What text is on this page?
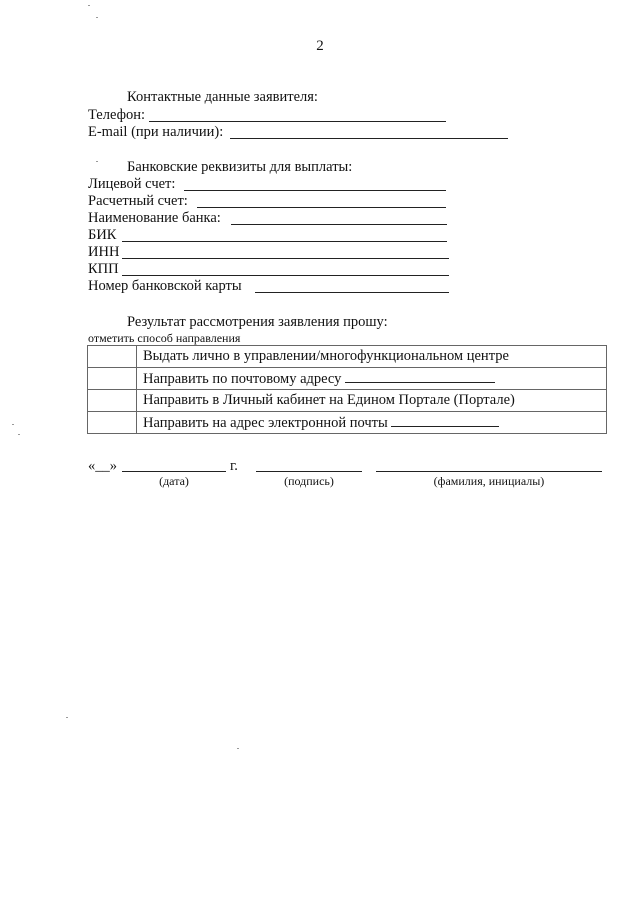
2
Контактные данные заявителя:
Телефон:
E-mail (при наличии):
Банковские реквизиты для выплаты:
Лицевой счет:
Расчетный счет:
Наименование банка:
БИК
ИНН
КПП
Номер банковской карты
Результат рассмотрения заявления прошу:
отметить способ направления
	Выдать лично в управлении/многофункциональном центре
	Направить по почтовому адресу
	Направить в Личный кабинет на Едином Портале (Портале)
	Направить на адрес электронной почты
«__»	г.
(дата)	(подпись)	(фамилия, инициалы)
